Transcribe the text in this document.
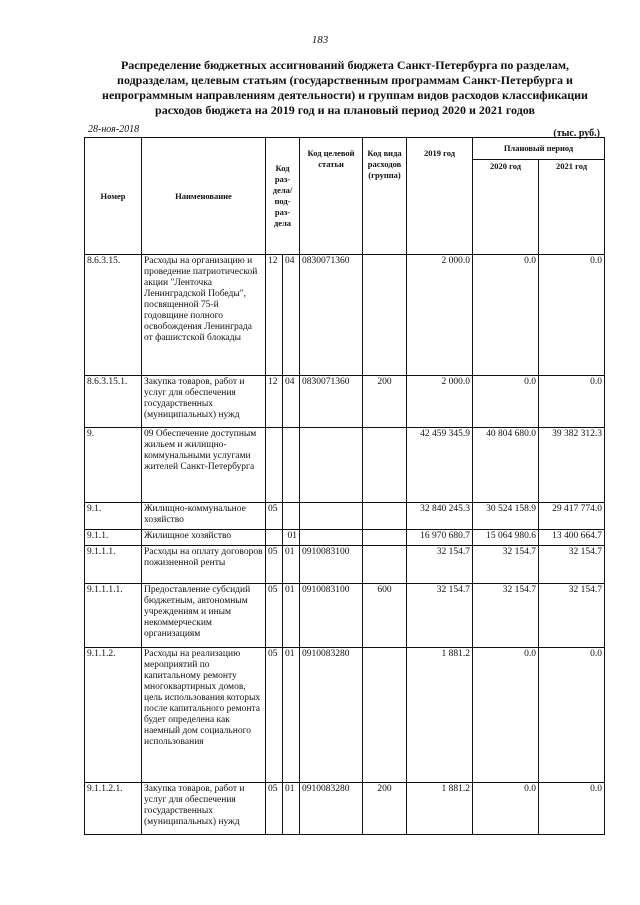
183
Распределение бюджетных ассигнований бюджета Санкт-Петербурга по разделам, подразделам, целевым статьям (государственным программам Санкт-Петербурга и непрограммным направлениям деятельности) и группам видов расходов классификации расходов бюджета на 2019 год и на плановый период 2020 и 2021 годов
28-ноя-2018	(тыс. руб.)
Номер	Наименование	Код раз-дела/ под-раз-дела		Код целевой статьи	Код вида расходов (группа)	2019 год	Плановый период	
							2020 год	2021 год
8.6.3.15.	Расходы на организацию и проведение патриотической акции "Ленточка Ленинградской Победы", посвященной 75-й годовщине полного освобождения Ленинграда от фашистской блокады	12	04	0830071360		2 000.0	0.0	0.0
8.6.3.15.1.	Закупка товаров, работ и услуг для обеспечения государственных (муниципальных) нужд	12	04	0830071360	200	2 000.0	0.0	0.0
9.	09 Обеспечение доступным жильем и жилищно-коммунальными услугами жителей Санкт-Петербурга					42 459 345.9	40 804 680.0	39 382 312.3
9.1.	Жилищно-коммунальное хозяйство	05				32 840 245.3	30 524 158.9	29 417 774.0
9.1.1.	Жилищное хозяйство		01			16 970 680.7	15 064 980.6	13 400 664.7
9.1.1.1.	Расходы на оплату договоров пожизненной ренты	05	01	0910083100		32 154.7	32 154.7	32 154.7
9.1.1.1.1.	Предоставление субсидий бюджетным, автономным учреждениям и иным некоммерческим организациям	05	01	0910083100	600	32 154.7	32 154.7	32 154.7
9.1.1.2.	Расходы на реализацию мероприятий по капитальному ремонту многоквартирных домов, цель использования которых после капитального ремонта будет определена как наемный дом социального использования	05	01	0910083280		1 881.2	0.0	0.0
9.1.1.2.1.	Закупка товаров, работ и услуг для обеспечения государственных (муниципальных) нужд	05	01	0910083280	200	1 881.2	0.0	0.0
